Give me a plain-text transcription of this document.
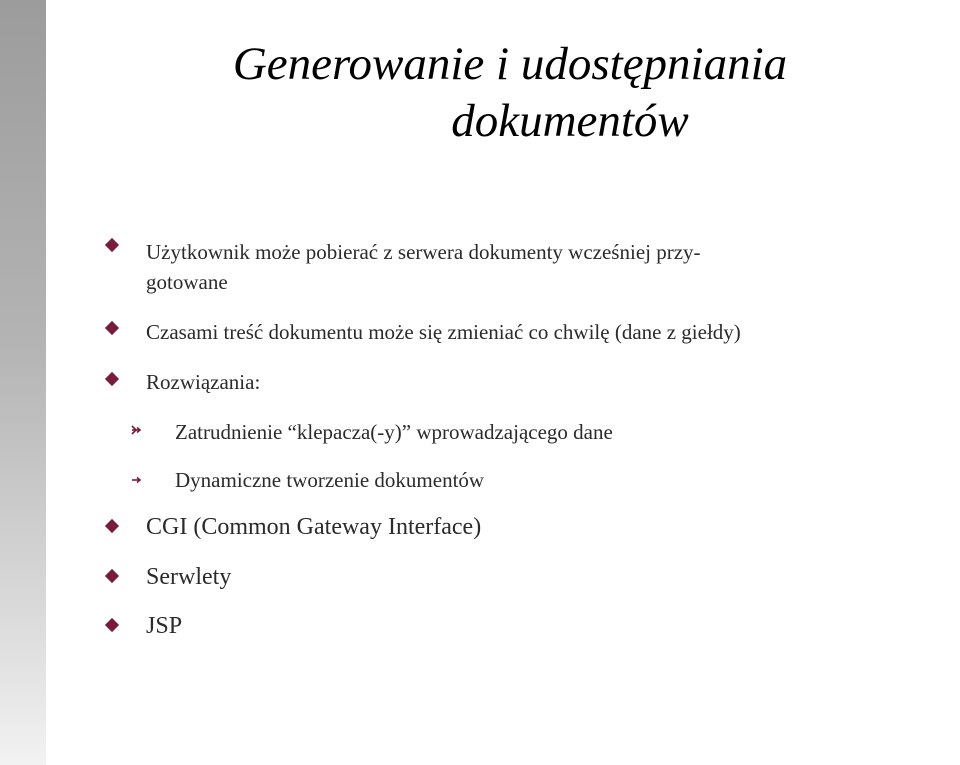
Generowanie i udostępniania
dokumentów
Użytkownik może pobierać z serwera dokumenty wcześniej przy-
gotowane
Czasami treść dokumentu może się zmieniać co chwilę (dane z giełdy)
Rozwiązania:
Zatrudnienie “klepacza(-y)” wprowadzającego dane
Dynamiczne tworzenie dokumentów
CGI (Common Gateway Interface)
Serwlety
JSP
